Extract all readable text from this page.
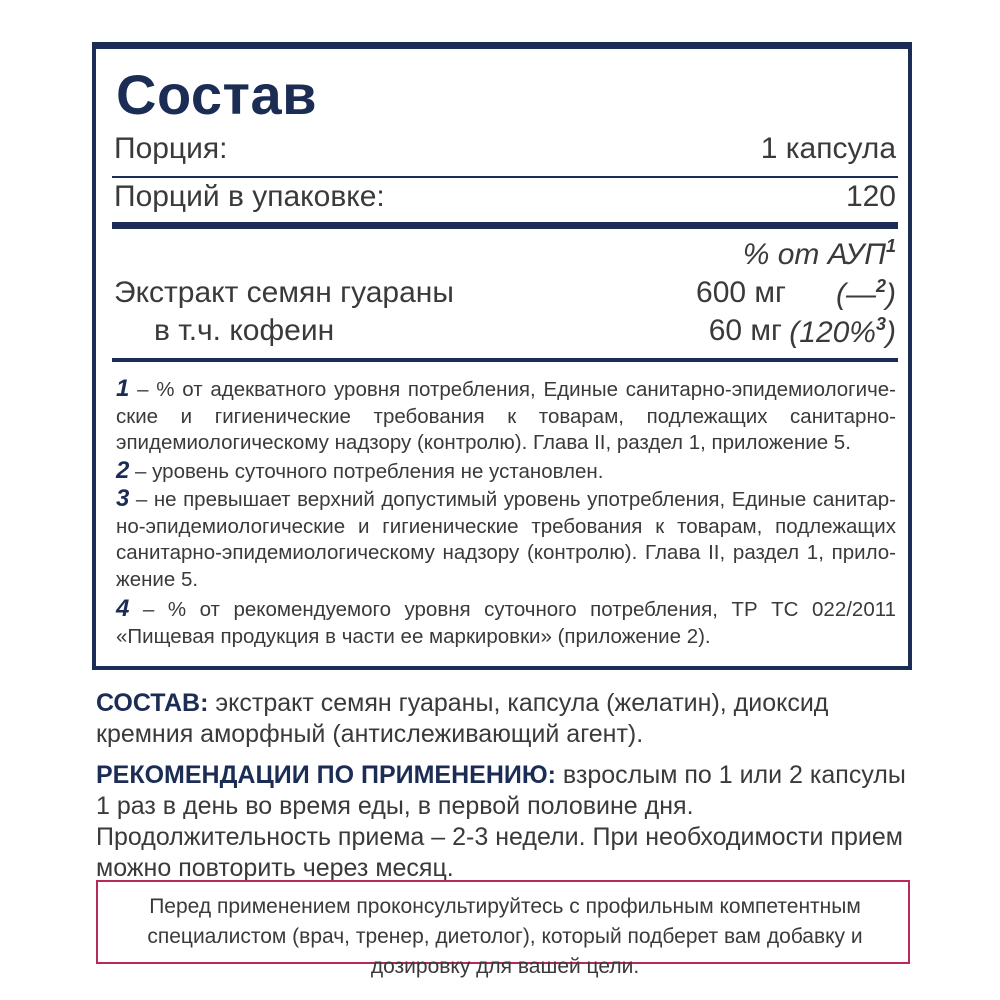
Состав
Порция:	1 капсула
Порций в упаковке:	120
% от АУП$^1$
Экстракт семян гуараны	600 мг (—$^2$)
в т.ч. кофеин	60 мг (120%$^3$)
1 – % от адекватного уровня потребления, Единые санитарно-эпидемиологические и гигиенические требования к товарам, подлежащих санитарно-эпидемиологическому надзору (контролю). Глава II, раздел 1, приложение 5.
2 – уровень суточного потребления не установлен.
3 – не превышает верхний допустимый уровень употребления, Единые санитарно-эпидемиологические и гигиенические требования к товарам, подлежащих санитарно-эпидемиологическому надзору (контролю). Глава II, раздел 1, приложение 5.
4 – % от рекомендуемого уровня суточного потребления, ТР ТС 022/2011 «Пищевая продукция в части ее маркировки» (приложение 2).
СОСТАВ: экстракт семян гуараны, капсула (желатин), диоксид кремния аморфный (антислеживающий агент).
РЕКОМЕНДАЦИИ ПО ПРИМЕНЕНИЮ: взрослым по 1 или 2 капсулы 1 раз в день во время еды, в первой половине дня. Продолжительность приема – 2-3 недели. При необходимости прием можно повторить через месяц.
Перед применением проконсультируйтесь с профильным компетентным специалистом (врач, тренер, диетолог), который подберет вам добавку и дозировку для вашей цели.
